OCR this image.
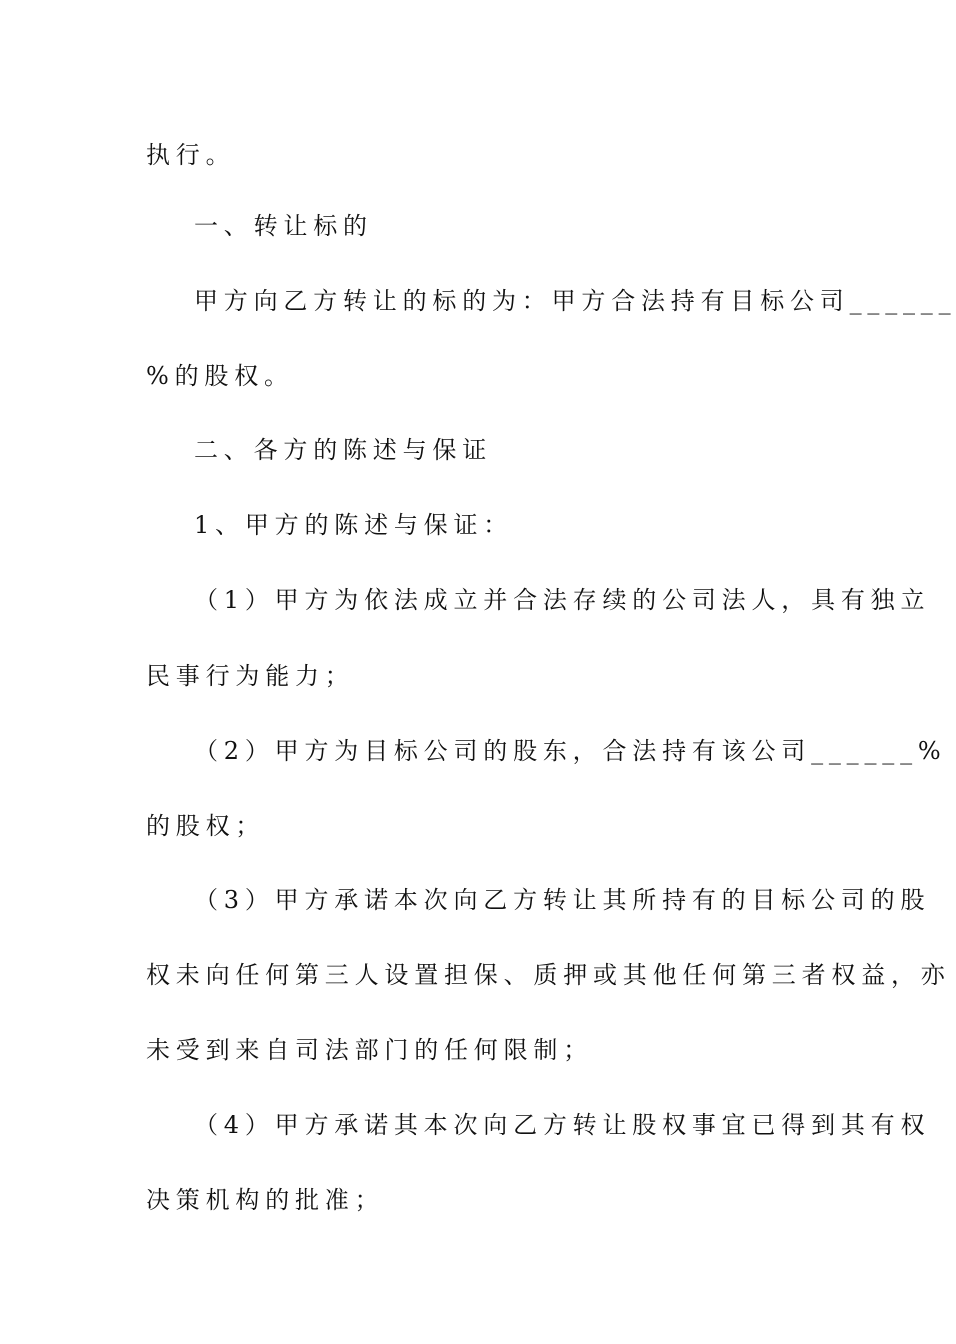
执行。
一、转让标的
甲方向乙方转让的标的为：甲方合法持有目标公司______
%的股权。
二、各方的陈述与保证
1、甲方的陈述与保证：
（1）甲方为依法成立并合法存续的公司法人，具有独立
民事行为能力；
（2）甲方为目标公司的股东，合法持有该公司______%
的股权；
（3）甲方承诺本次向乙方转让其所持有的目标公司的股
权未向任何第三人设置担保、质押或其他任何第三者权益，亦
未受到来自司法部门的任何限制；
（4）甲方承诺其本次向乙方转让股权事宜已得到其有权
决策机构的批准；
